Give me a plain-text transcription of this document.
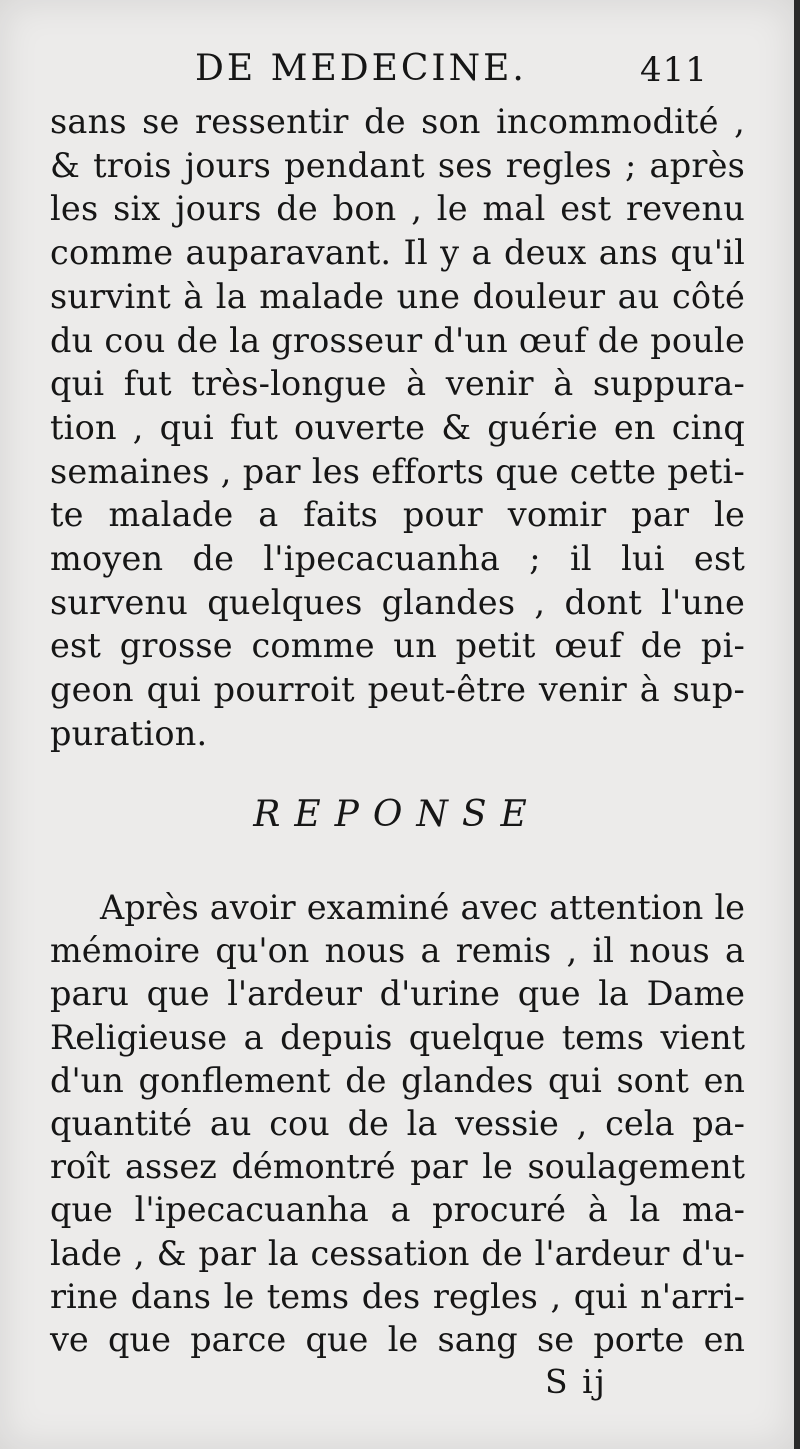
DE MEDECINE.	411
sans se ressentir de son incommodité ,
& trois jours pendant ses regles ; après
les six jours de bon , le mal est revenu
comme auparavant. Il y a deux ans qu'il
survint à la malade une douleur au côté
du cou de la grosseur d'un œuf de poule
qui fut très-longue à venir à suppura-
tion , qui fut ouverte & guérie en cinq
semaines , par les efforts que cette peti-
te malade a faits pour vomir par le
moyen de l'ipecacuanha ; il lui est
survenu quelques glandes , dont l'une
est grosse comme un petit œuf de pi-
geon qui pourroit peut-être venir à sup-
puration.
REPONSE
Après avoir examiné avec attention le
mémoire qu'on nous a remis , il nous a
paru que l'ardeur d'urine que la Dame
Religieuse a depuis quelque tems vient
d'un gonflement de glandes qui sont en
quantité au cou de la vessie , cela pa-
roît assez démontré par le soulagement
que l'ipecacuanha a procuré à la ma-
lade , & par la cessation de l'ardeur d'u-
rine dans le tems des regles , qui n'arri-
ve que parce que le sang se porte en
S ij
